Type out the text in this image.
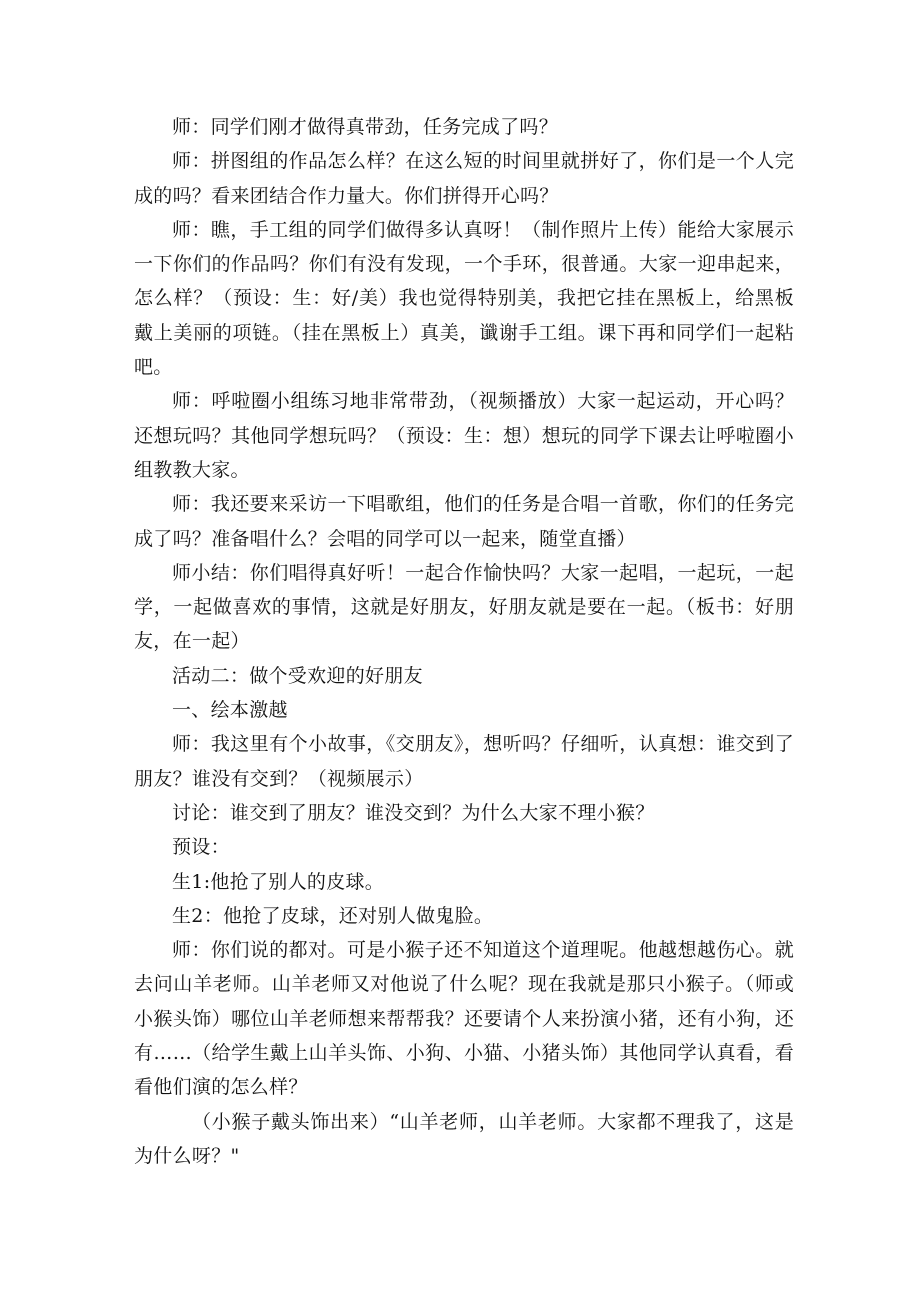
师：同学们刚才做得真带劲，任务完成了吗？

师：拼图组的作品怎么样？在这么短的时间里就拼好了，你们是一个人完成的吗？看来团结合作力量大。你们拼得开心吗？

师：瞧，手工组的同学们做得多认真呀！（制作照片上传）能给大家展示一下你们的作品吗？你们有没有发现，一个手环，很普通。大家一迎串起来，怎么样？（预设：生：好/美）我也觉得特别美，我把它挂在黑板上，给黑板戴上美丽的项链。（挂在黑板上）真美，谶谢手工组。课下再和同学们一起粘吧。

师：呼啦圈小组练习地非常带劲，（视频播放）大家一起运动，开心吗？还想玩吗？其他同学想玩吗？（预设：生：想）想玩的同学下课去让呼啦圈小组教教大家。

师：我还要来采访一下唱歌组，他们的任务是合唱一首歌，你们的任务完成了吗？准备唱什么？会唱的同学可以一起来，随堂直播）

师小结：你们唱得真好听！一起合作愉快吗？大家一起唱，一起玩，一起学，一起做喜欢的事情，这就是好朋友，好朋友就是要在一起。（板书：好朋友，在一起）

活动二：做个受欢迎的好朋友

一、绘本激越

师：我这里有个小故事，《交朋友》，想听吗？仔细听，认真想：谁交到了朋友？谁没有交到？（视频展示）

讨论：谁交到了朋友？谁没交到？为什么大家不理小猴？

预设：

生1:他抢了别人的皮球。

生2：他抢了皮球，还对别人做鬼脸。

师：你们说的都对。可是小猴子还不知道这个道理呢。他越想越伤心。就去问山羊老师。山羊老师又对他说了什么呢？现在我就是那只小猴子。（师或小猴头饰）哪位山羊老师想来帮帮我？还要请个人来扮演小猪，还有小狗，还有……（给学生戴上山羊头饰、小狗、小猫、小猪头饰）其他同学认真看，看看他们演的怎么样？

（小猴子戴头饰出来）“山羊老师，山羊老师。大家都不理我了，这是为什么呀？"
